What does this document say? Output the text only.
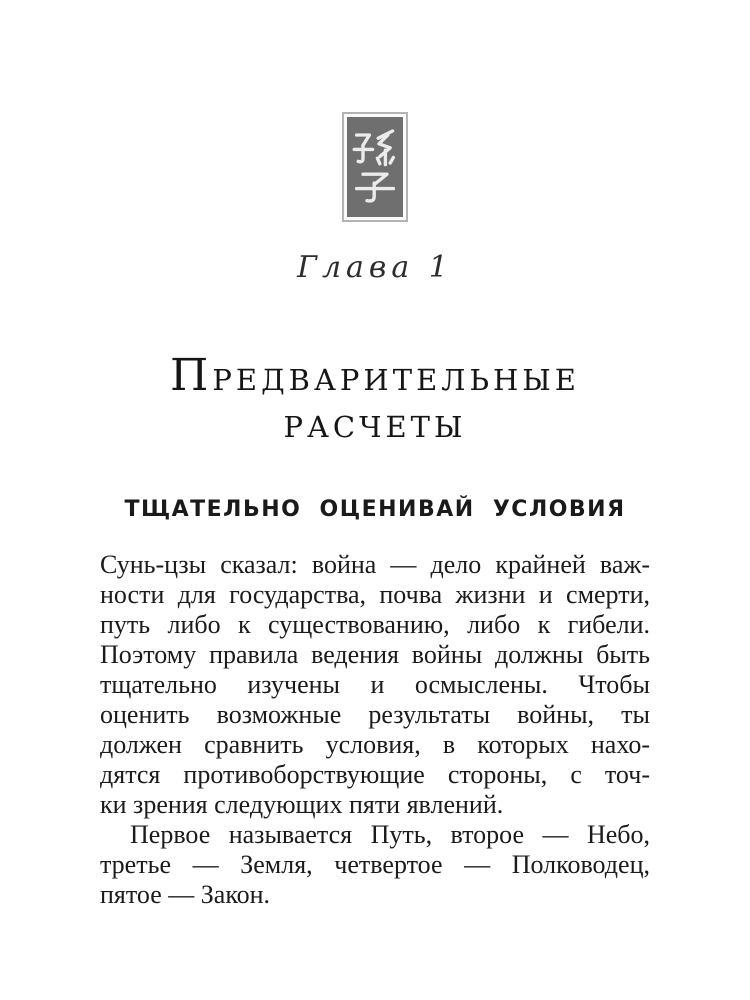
Глава 1
ПРЕДВАРИТЕЛЬНЫЕ
РАСЧЕТЫ
ТЩАТЕЛЬНО ОЦЕНИВАЙ УСЛОВИЯ
Сунь-цзы сказал: война — дело крайней важ-
ности для государства, почва жизни и смерти,
путь либо к существованию, либо к гибели.
Поэтому правила ведения войны должны быть
тщательно изучены и осмыслены. Чтобы
оценить возможные результаты войны, ты
должен сравнить условия, в которых нахо-
дятся противоборствующие стороны, с точ-
ки зрения следующих пяти явлений.
Первое называется Путь, второе — Небо,
третье — Земля, четвертое — Полководец,
пятое — Закон.
